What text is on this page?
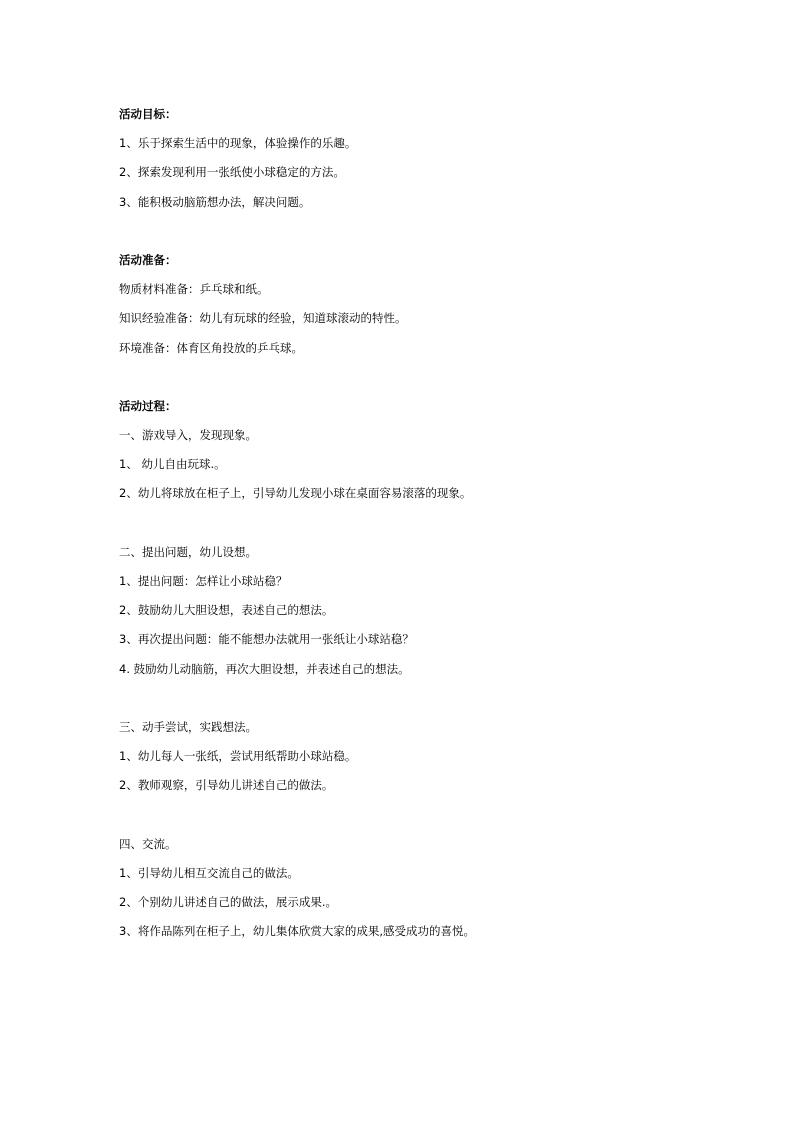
活动目标：
1、乐于探索生活中的现象，体验操作的乐趣。
2、探索发现利用一张纸使小球稳定的方法。
3、能积极动脑筋想办法，解决问题。
活动准备：
物质材料准备：乒乓球和纸。
知识经验准备：幼儿有玩球的经验，知道球滚动的特性。
环境准备：体育区角投放的乒乓球。
活动过程：
一、游戏导入，发现现象。
1、 幼儿自由玩球.。
2、幼儿将球放在柜子上，引导幼儿发现小球在桌面容易滚落的现象。
二、提出问题，幼儿设想。
1、提出问题：怎样让小球站稳？
2、鼓励幼儿大胆设想，表述自己的想法。
3、再次提出问题：能不能想办法就用一张纸让小球站稳？
4. 鼓励幼儿动脑筋，再次大胆设想，并表述自己的想法。
三、动手尝试，实践想法。
1、幼儿每人一张纸，尝试用纸帮助小球站稳。
2、教师观察，引导幼儿讲述自己的做法。
四、交流。
1、引导幼儿相互交流自己的做法。
2、个别幼儿讲述自己的做法，展示成果.。
3、将作品陈列在柜子上，幼儿集体欣赏大家的成果,感受成功的喜悦。
